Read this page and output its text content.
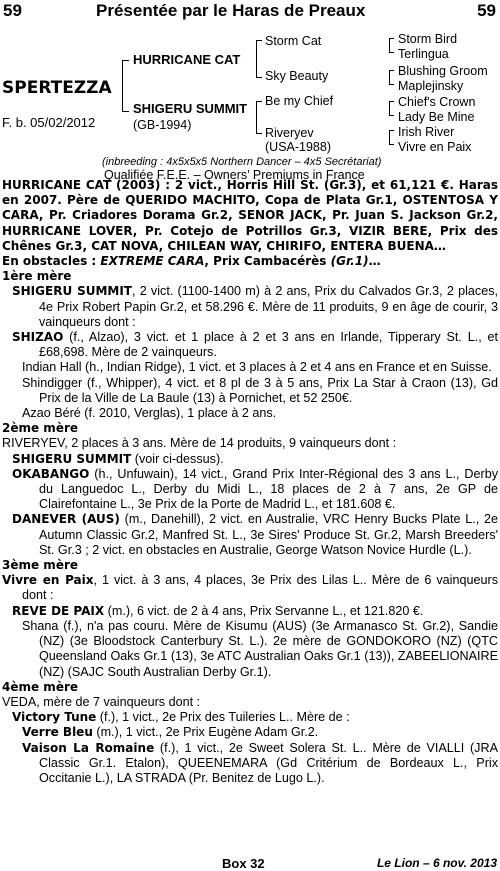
59	Présentée par le Haras de Preaux	59
SPERTEZZA
F. b. 05/02/2012
HURRICANE CAT
SHIGERU SUMMIT
(GB-1994)
Storm Cat
Sky Beauty
Be my Chief
Riveryev
(USA-1988)
Storm Bird
Terlingua
Blushing Groom
Maplejinsky
Chief's Crown
Lady Be Mine
Irish River
Vivre en Paix
(inbreeding : 4x5x5x5 Northern Dancer – 4x5 Secrétariat)
Qualifiée F.E.E. – Owners’ Premiums in France

HURRICANE CAT (2003) : 2 vict., Horris Hill St. (Gr.3), et 61,121 €. Haras en 2007. Père de QUERIDO MACHITO, Copa de Plata Gr.1, OSTENTOSA Y CARA, Pr. Criadores Dorama Gr.2, SENOR JACK, Pr. Juan S. Jackson Gr.2, HURRICANE LOVER, Pr. Cotejo de Potrillos Gr.3, VIZIR BERE, Prix des Chênes Gr.3, CAT NOVA, CHILEAN WAY, CHIRIFO, ENTERA BUENA…

En obstacles : EXTREME CARA, Prix Cambacérès (Gr.1)…

1ère mère

SHIGERU SUMMIT, 2 vict. (1100-1400 m) à 2 ans, Prix du Calvados Gr.3, 2 places, 4e Prix Robert Papin Gr.2, et 58.296 €. Mère de 11 produits, 9 en âge de courir, 3 vainqueurs dont :

SHIZAO (f., Alzao), 3 vict. et 1 place à 2 et 3 ans en Irlande, Tipperary St. L., et £68,698. Mère de 2 vainqueurs.

Indian Hall (h., Indian Ridge), 1 vict. et 3 places à 2 et 4 ans en France et en Suisse.

Shindigger (f., Whipper), 4 vict. et 8 pl de 3 à 5 ans, Prix La Star à Craon (13), Gd Prix de la Ville de La Baule (13) à Pornichet, et 52 250€.

Azao Béré (f. 2010, Verglas), 1 place à 2 ans.

2ème mère

RIVERYEV, 2 places à 3 ans. Mère de 14 produits, 9 vainqueurs dont :

SHIGERU SUMMIT (voir ci-dessus).

OKABANGO (h., Unfuwain), 14 vict., Grand Prix Inter-Régional des 3 ans L., Derby du Languedoc L., Derby du Midi L., 18 places de 2 à 7 ans, 2e GP de Clairefontaine L., 3e Prix de la Porte de Madrid L., et 181.608 €.

DANEVER (AUS) (m., Danehill), 2 vict. en Australie, VRC Henry Bucks Plate L., 2e Autumn Classic Gr.2, Manfred St. L., 3e Sires' Produce St. Gr.2, Marsh Breeders' St. Gr.3 ; 2 vict. en obstacles en Australie, George Watson Novice Hurdle (L.).

3ème mère

Vivre en Paix, 1 vict. à 3 ans, 4 places, 3e Prix des Lilas L.. Mère de 6 vainqueurs dont :

REVE DE PAIX (m.), 6 vict. de 2 à 4 ans, Prix Servanne L., et 121.820 €.

Shana (f.), n'a pas couru. Mère de Kisumu (AUS) (3e Armanasco St. Gr.2), Sandie (NZ) (3e Bloodstock Canterbury St. L.). 2e mère de GONDOKORO (NZ) (QTC Queensland Oaks Gr.1 (13), 3e ATC Australian Oaks Gr.1 (13)), ZABEELIONAIRE (NZ) (SAJC South Australian Derby Gr.1).

4ème mère

VEDA, mère de 7 vainqueurs dont :

Victory Tune (f.), 1 vict., 2e Prix des Tuileries L.. Mère de :

Verre Bleu (m.), 1 vict., 2e Prix Eugène Adam Gr.2.

Vaison La Romaine (f.), 1 vict., 2e Sweet Solera St. L.. Mère de VIALLI (JRA Classic Gr.1. Etalon), QUEENEMARA (Gd Critérium de Bordeaux L., Prix Occitanie L.), LA STRADA (Pr. Benitez de Lugo L.).

Box 32	Le Lion – 6 nov. 2013
